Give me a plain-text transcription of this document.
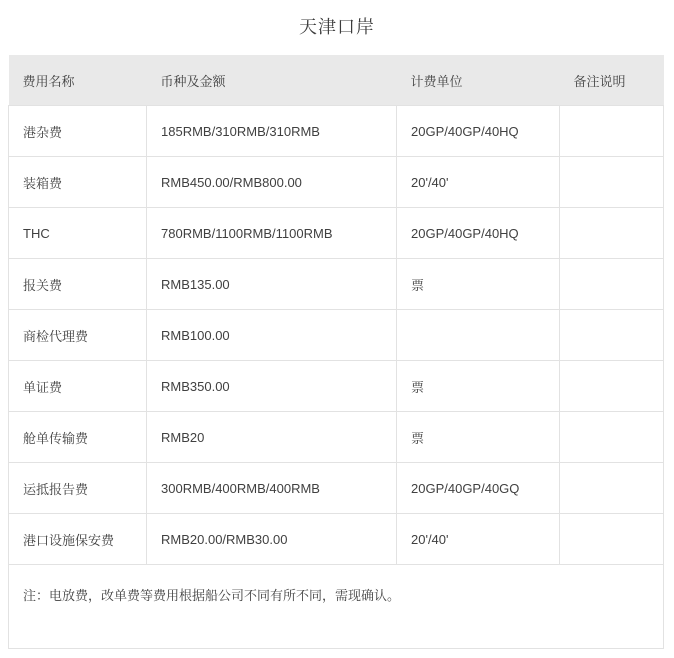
天津口岸
费用名称	币种及金额	计费单位	备注说明
港杂费	185RMB/310RMB/310RMB	20GP/40GP/40HQ	
装箱费	RMB450.00/RMB800.00	20'/40'	
THC	780RMB/1100RMB/1100RMB	20GP/40GP/40HQ	
报关费	RMB135.00	票	
商检代理费	RMB100.00		
单证费	RMB350.00	票	
舱单传输费	RMB20	票	
运抵报告费	300RMB/400RMB/400RMB	20GP/40GP/40GQ	
港口设施保安费	RMB20.00/RMB30.00	20'/40'	
注：电放费，改单费等费用根据船公司不同有所不同，需现确认。			
